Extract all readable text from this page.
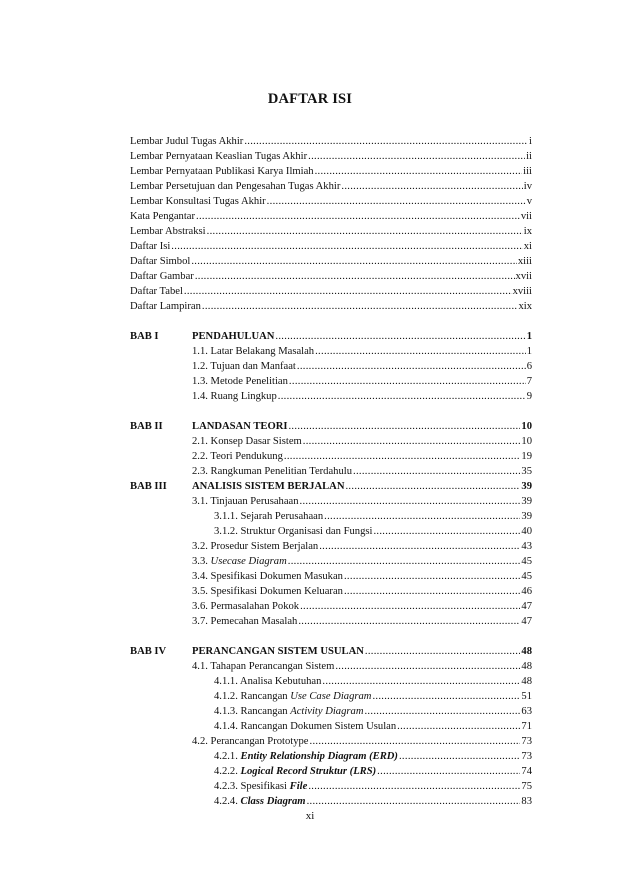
DAFTAR ISI
Lembar Judul Tugas Akhir .....	i
Lembar Pernyataan Keaslian Tugas Akhir .....	ii
Lembar Pernyataan Publikasi Karya Ilmiah .....	iii
Lembar Persetujuan dan Pengesahan Tugas Akhir .....	iv
Lembar Konsultasi Tugas Akhir .....	v
Kata Pengantar .....	vii
Lembar Abstraksi .....	ix
Daftar Isi .....	xi
Daftar Simbol .....	xiii
Daftar Gambar .....	xvii
Daftar Tabel .....	xviii
Daftar Lampiran .....	xix
BAB I	PENDAHULUAN .....	1
1.1. Latar Belakang Masalah .....	1
1.2. Tujuan dan Manfaat .....	6
1.3. Metode Penelitian .....	7
1.4. Ruang Lingkup .....	9
BAB II	LANDASAN TEORI .....	10
2.1. Konsep Dasar Sistem .....	10
2.2. Teori Pendukung .....	19
2.3. Rangkuman Penelitian Terdahulu .....	35
BAB III	ANALISIS SISTEM BERJALAN .....	39
3.1. Tinjauan Perusahaan .....	39
3.1.1. Sejarah Perusahaan .....	39
3.1.2. Struktur Organisasi dan Fungsi .....	40
3.2. Prosedur Sistem Berjalan .....	43
3.3. Usecase Diagram .....	45
3.4. Spesifikasi Dokumen Masukan .....	45
3.5. Spesifikasi Dokumen Keluaran .....	46
3.6. Permasalahan Pokok .....	47
3.7. Pemecahan Masalah .....	47
BAB IV	PERANCANGAN SISTEM USULAN .....	48
4.1. Tahapan Perancangan Sistem .....	48
4.1.1. Analisa Kebutuhan .....	48
4.1.2. Rancangan Use Case Diagram .....	51
4.1.3. Rancangan Activity Diagram .....	63
4.1.4. Rancangan Dokumen Sistem Usulan .....	71
4.2. Perancangan Prototype .....	73
4.2.1. Entity Relationship Diagram (ERD) .....	73
4.2.2. Logical Record Struktur (LRS) .....	74
4.2.3. Spesifikasi File .....	75
4.2.4. Class Diagram .....	83
xi
